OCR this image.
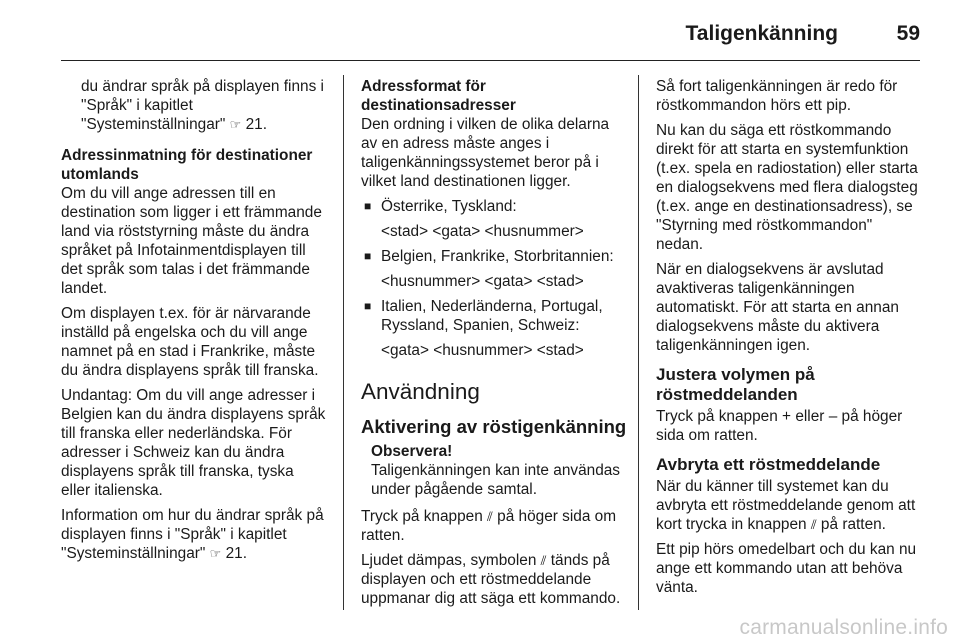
Taligenkänning	59

du ändrar språk på displayen finns i "Språk" i kapitlet "Systeminställningar" ☞ 21.

Adressinmatning för destinationer utomlands

Om du vill ange adressen till en destination som ligger i ett främmande land via röststyrning måste du ändra språket på Infotainmentdisplayen till det språk som talas i det främmande landet.

Om displayen t.ex. för är närvarande inställd på engelska och du vill ange namnet på en stad i Frankrike, måste du ändra displayens språk till franska.

Undantag: Om du vill ange adresser i Belgien kan du ändra displayens språk till franska eller nederländska. För adresser i Schweiz kan du ändra displayens språk till franska, tyska eller italienska.

Information om hur du ändrar språk på displayen finns i "Språk" i kapitlet "Systeminställningar" ☞ 21.

Adressformat för destinationsadresser

Den ordning i vilken de olika delarna av en adress måste anges i taligenkänningssystemet beror på i vilket land destinationen ligger.

■ Österrike, Tyskland:

<stad> <gata> <husnummer>

■ Belgien, Frankrike, Storbritannien:

<husnummer> <gata> <stad>

■ Italien, Nederländerna, Portugal, Ryssland, Spanien, Schweiz:

<gata> <husnummer> <stad>

Användning
Aktivering av röstigenkänning
Observera!
Taligenkänningen kan inte användas under pågående samtal.

Tryck på knappen ⫽ på höger sida om ratten.

Ljudet dämpas, symbolen ⫽ tänds på displayen och ett röstmeddelande uppmanar dig att säga ett kommando.

Så fort taligenkänningen är redo för röstkommandon hörs ett pip.

Nu kan du säga ett röstkommando direkt för att starta en systemfunktion (t.ex. spela en radiostation) eller starta en dialogsekvens med flera dialogsteg (t.ex. ange en destinationsadress), se "Styrning med röstkommandon" nedan.

När en dialogsekvens är avslutad avaktiveras taligenkänningen automatiskt. För att starta en annan dialogsekvens måste du aktivera taligenkänningen igen.

Justera volymen på röstmeddelanden

Tryck på knappen + eller – på höger sida om ratten.

Avbryta ett röstmeddelande

När du känner till systemet kan du avbryta ett röstmeddelande genom att kort trycka in knappen ⫽ på ratten.

Ett pip hörs omedelbart och du kan nu ange ett kommando utan att behöva vänta.

carmanualsonline.info
